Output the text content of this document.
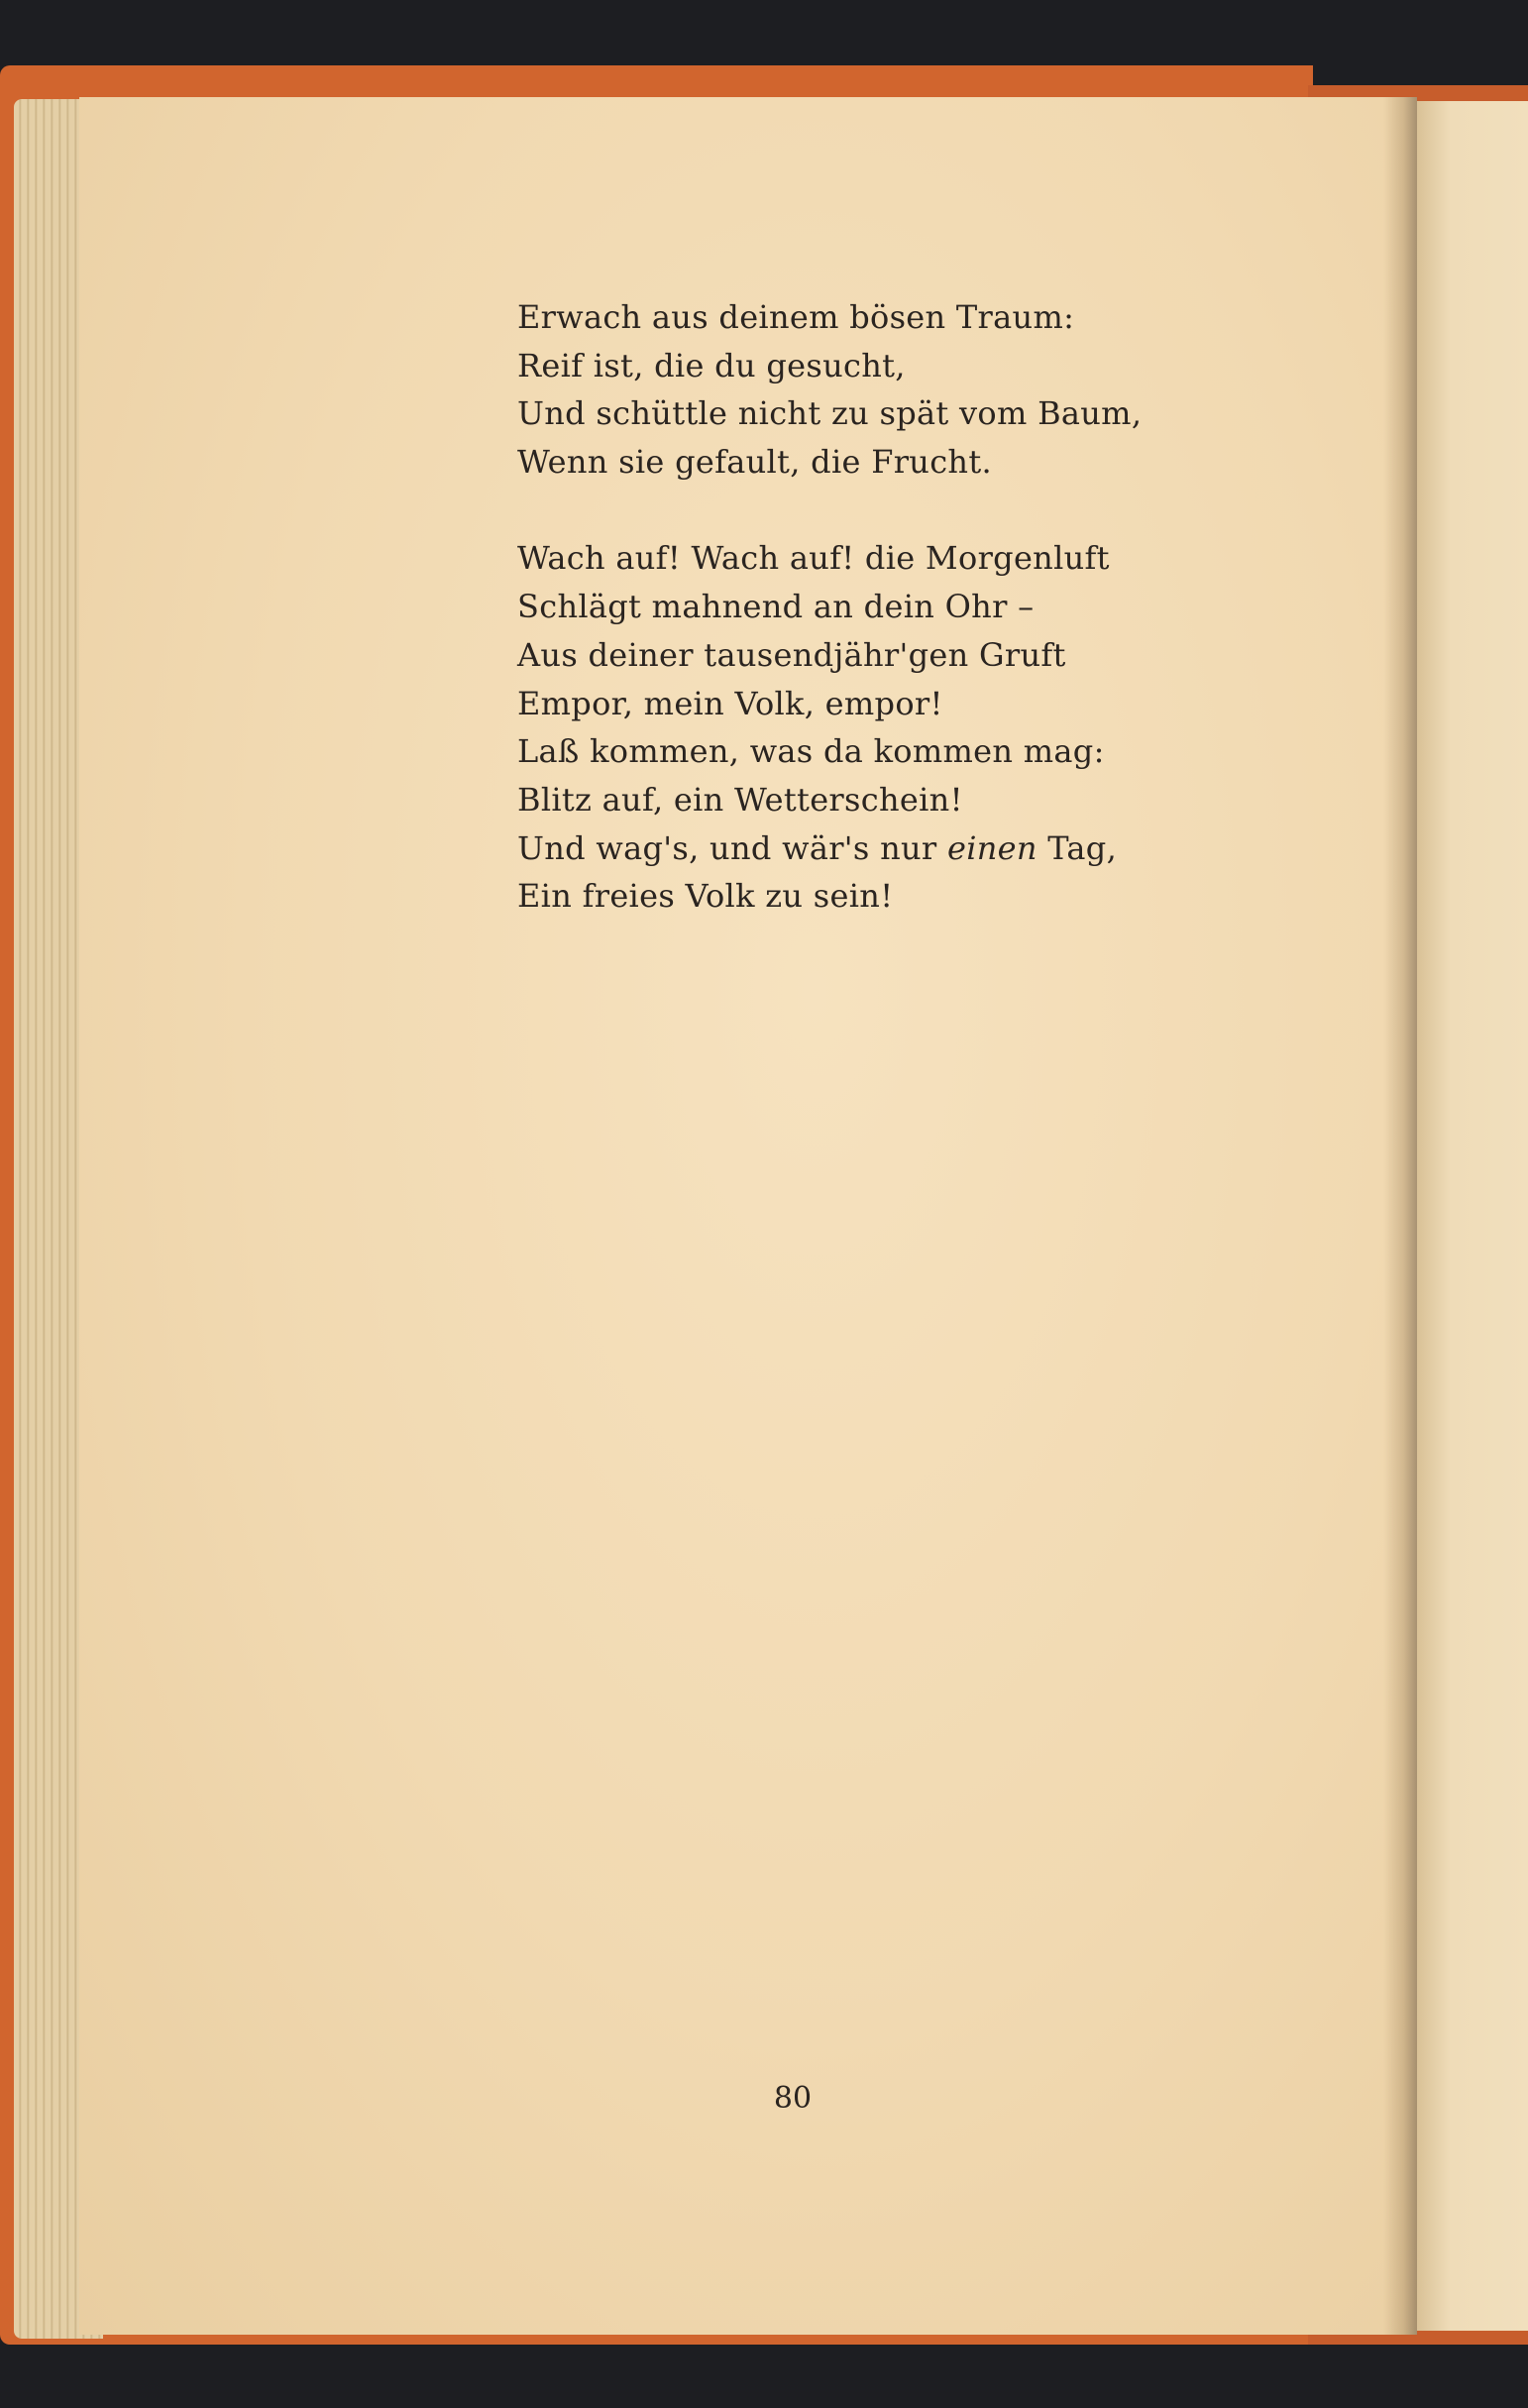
Erwach aus deinem bösen Traum:
Reif ist, die du gesucht,
Und schüttle nicht zu spät vom Baum,
Wenn sie gefault, die Frucht.
Wach auf! Wach auf! die Morgenluft
Schlägt mahnend an dein Ohr –
Aus deiner tausendjähr'gen Gruft
Empor, mein Volk, empor!
Laß kommen, was da kommen mag:
Blitz auf, ein Wetterschein!
Und wag's, und wär's nur einen Tag,
Ein freies Volk zu sein!
80
